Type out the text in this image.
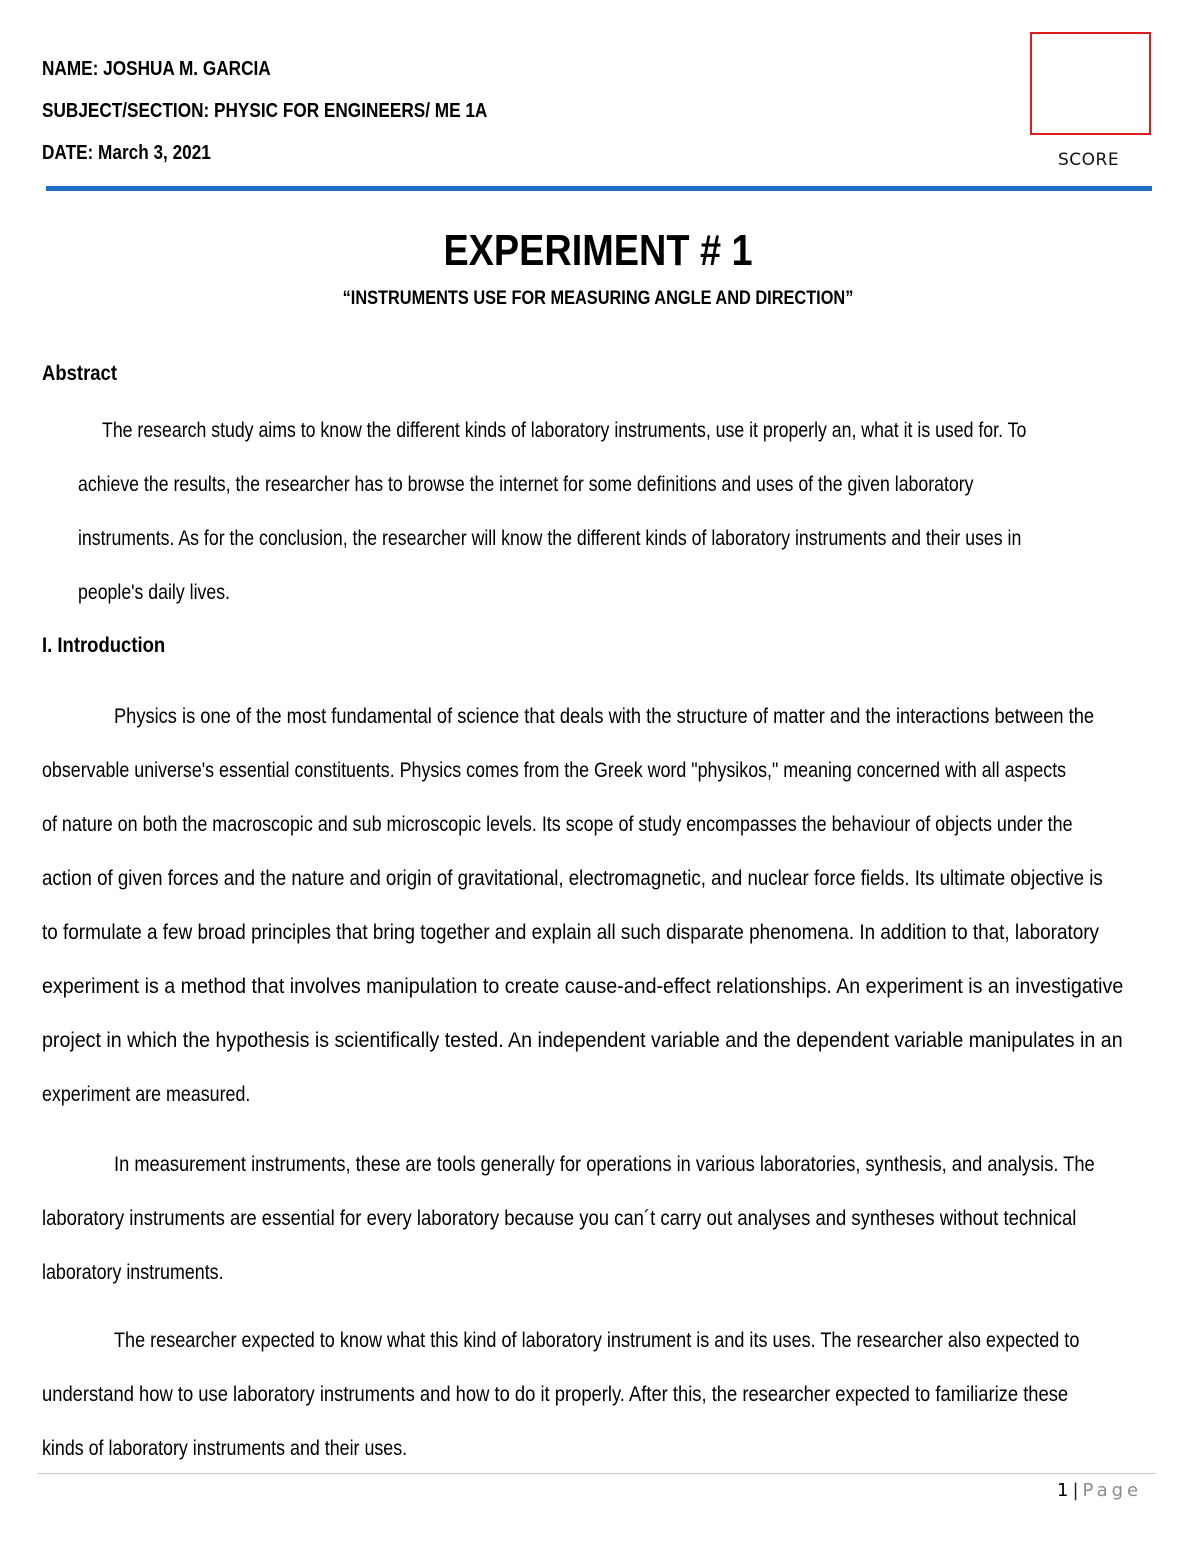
NAME: JOSHUA M. GARCIA
SUBJECT/SECTION: PHYSIC FOR ENGINEERS/ ME 1A
DATE: March 3, 2021	SCORE
EXPERIMENT # 1
“INSTRUMENTS USE FOR MEASURING ANGLE AND DIRECTION”
Abstract
The research study aims to know the different kinds of laboratory instruments, use it properly an, what it is used for. To
achieve the results, the researcher has to browse the internet for some definitions and uses of the given laboratory
instruments. As for the conclusion, the researcher will know the different kinds of laboratory instruments and their uses in
people's daily lives.
I. Introduction
Physics is one of the most fundamental of science that deals with the structure of matter and the interactions between the
observable universe's essential constituents. Physics comes from the Greek word "physikos," meaning concerned with all aspects
of nature on both the macroscopic and sub microscopic levels. Its scope of study encompasses the behaviour of objects under the
action of given forces and the nature and origin of gravitational, electromagnetic, and nuclear force fields. Its ultimate objective is
to formulate a few broad principles that bring together and explain all such disparate phenomena. In addition to that, laboratory
experiment is a method that involves manipulation to create cause-and-effect relationships. An experiment is an investigative
project in which the hypothesis is scientifically tested. An independent variable and the dependent variable manipulates in an
experiment are measured.
In measurement instruments, these are tools generally for operations in various laboratories, synthesis, and analysis. The
laboratory instruments are essential for every laboratory because you can´t carry out analyses and syntheses without technical
laboratory instruments.
The researcher expected to know what this kind of laboratory instrument is and its uses. The researcher also expected to
understand how to use laboratory instruments and how to do it properly. After this, the researcher expected to familiarize these
kinds of laboratory instruments and their uses.
1 | Page
